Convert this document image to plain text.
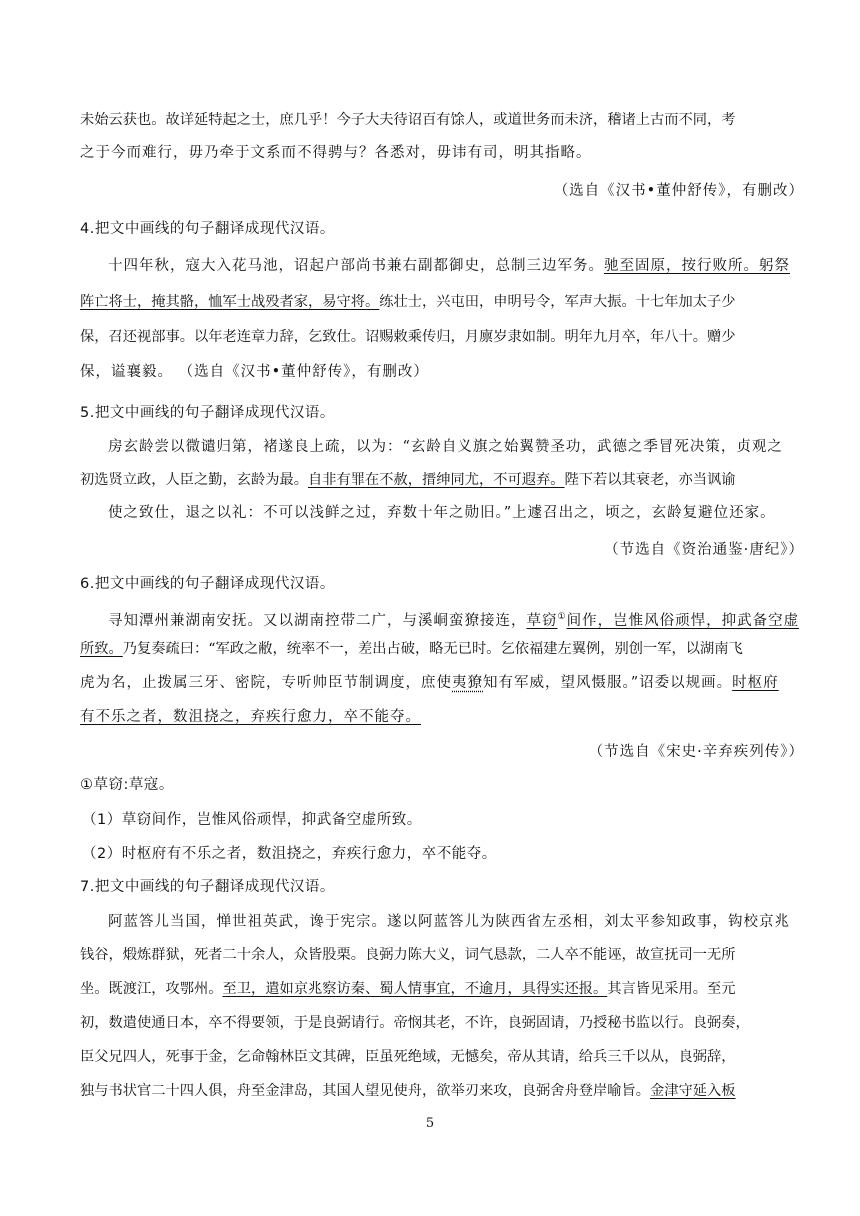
未始云获也。故详延特起之士，庶几乎！今子大夫待诏百有馀人，或道世务而未济，稽诸上古而不同，考
之于今而难行，毋乃牵于文系而不得骋与？各悉对，毋讳有司，明其指略。
（选自《汉书•董仲舒传》，有删改）
4.把文中画线的句子翻译成现代汉语。
十四年秋，寇大入花马池，诏起户部尚书兼右副都御史，总制三边军务。驰至固原，按行败所。躬祭
阵亡将士，掩其骼，恤军士战殁者家，易守将。练壮士，兴屯田，申明号令，军声大振。十七年加太子少
保，召还视部事。以年老连章力辞，乞致仕。诏赐敕乘传归，月廪岁隶如制。明年九月卒，年八十。赠少
保，谥襄毅。 （选自《汉书•董仲舒传》，有删改）
5.把文中画线的句子翻译成现代汉语。
房玄龄尝以微谴归第，褚遂良上疏，以为：“玄龄自义旗之始翼赞圣功，武德之季冒死决策，贞观之
初选贤立政，人臣之勤，玄龄为最。自非有罪在不赦，搢绅同尤，不可遐弃。陛下若以其衰老，亦当讽谕
使之致仕，退之以礼：不可以浅鲜之过，弃数十年之勋旧。”上遽召出之，顷之，玄龄复避位还家。
（节选自《资治通鉴·唐纪》）
6.把文中画线的句子翻译成现代汉语。
寻知潭州兼湖南安抚。又以湖南控带二广，与溪峒蛮獠接连，草窃①间作，岂惟风俗顽悍，抑武备空虚
所致。乃复奏疏曰：“军政之敝，统率不一，差出占破，略无已时。乞依福建左翼例，别创一军，以湖南飞
虎为名，止拨属三牙、密院，专听帅臣节制调度，庶使夷獠知有军威，望风慑服。”诏委以规画。时枢府
有不乐之者，数沮挠之，弃疾行愈力，卒不能夺。
（节选自《宋史·辛弃疾列传》）
①草窃:草寇。
（1）草窃间作，岂惟风俗顽悍，抑武备空虚所致。
（2）时枢府有不乐之者，数沮挠之，弃疾行愈力，卒不能夺。
7.把文中画线的句子翻译成现代汉语。
阿蓝答儿当国，惮世祖英武，谗于宪宗。遂以阿蓝答儿为陕西省左丞相，刘太平参知政事，钩校京兆
钱谷，煅炼群狱，死者二十余人，众皆股栗。良弼力陈大义，词气恳款，二人卒不能诬，故宣抚司一无所
坐。既渡江，攻鄂州。至卫，遣如京兆察访秦、蜀人情事宜，不逾月，具得实还报。其言皆见采用。至元
初，数遣使通日本，卒不得要领，于是良弼请行。帝悯其老，不许，良弼固请，乃授秘书监以行。良弼奏，
臣父兄四人，死事于金，乞命翰林臣文其碑，臣虽死绝域，无憾矣，帝从其请，给兵三千以从，良弼辞，
独与书状官二十四人俱，舟至金津岛，其国人望见使舟，欲举刃来攻，良弼舍舟登岸喻旨。金津守延入板
5
